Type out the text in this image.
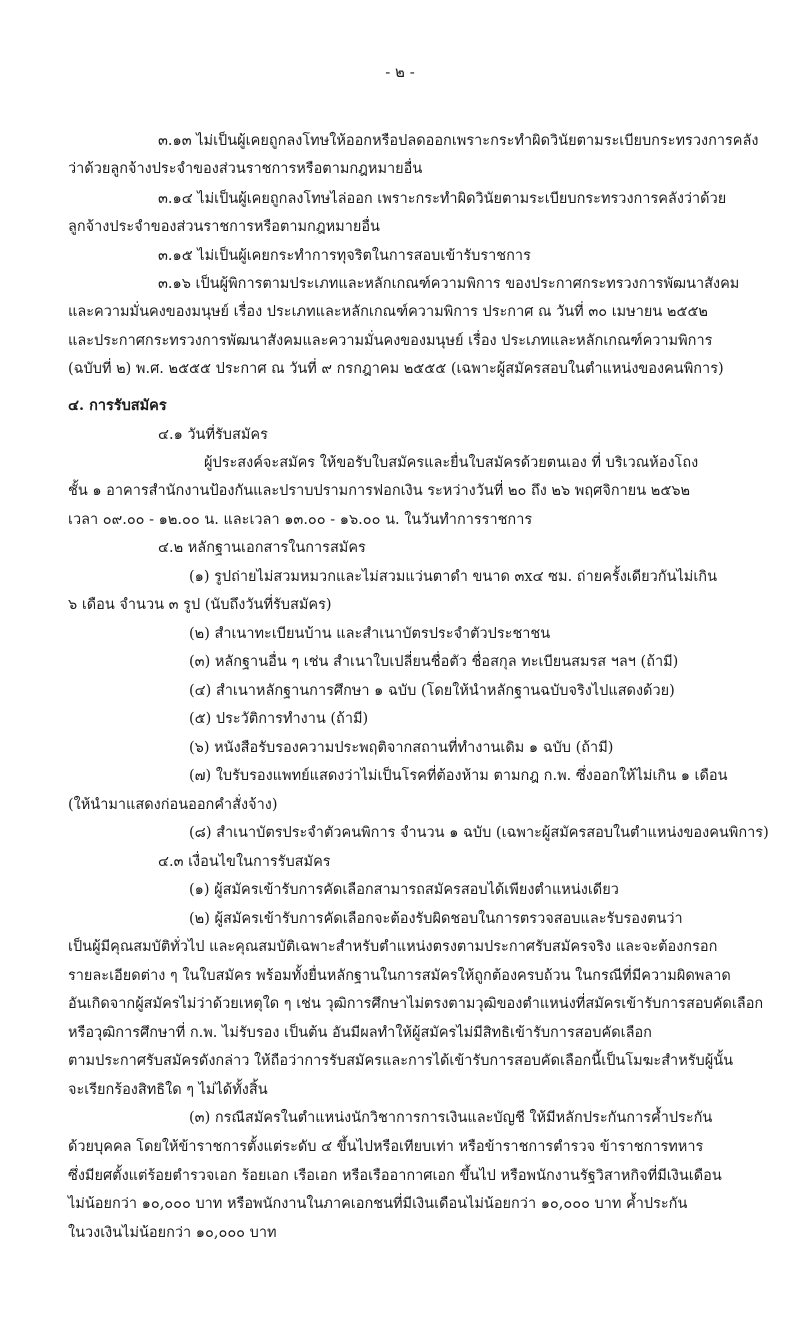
- ๒ -
๓.๑๓ ไม่เป็นผู้เคยถูกลงโทษให้ออกหรือปลดออกเพราะกระทำผิดวินัยตามระเบียบกระทรวงการคลัง
ว่าด้วยลูกจ้างประจำของส่วนราชการหรือตามกฎหมายอื่น
๓.๑๔ ไม่เป็นผู้เคยถูกลงโทษไล่ออก เพราะกระทำผิดวินัยตามระเบียบกระทรวงการคลังว่าด้วย
ลูกจ้างประจำของส่วนราชการหรือตามกฎหมายอื่น
๓.๑๕ ไม่เป็นผู้เคยกระทำการทุจริตในการสอบเข้ารับราชการ
๓.๑๖ เป็นผู้พิการตามประเภทและหลักเกณฑ์ความพิการ ของประกาศกระทรวงการพัฒนาสังคม
และความมั่นคงของมนุษย์ เรื่อง ประเภทและหลักเกณฑ์ความพิการ ประกาศ ณ วันที่ ๓๐ เมษายน ๒๕๕๒
และประกาศกระทรวงการพัฒนาสังคมและความมั่นคงของมนุษย์ เรื่อง ประเภทและหลักเกณฑ์ความพิการ
(ฉบับที่ ๒) พ.ศ. ๒๕๕๕ ประกาศ ณ วันที่ ๙ กรกฎาคม ๒๕๕๕ (เฉพาะผู้สมัครสอบในตำแหน่งของคนพิการ)
๔. การรับสมัคร
๔.๑ วันที่รับสมัคร
ผู้ประสงค์จะสมัคร ให้ขอรับใบสมัครและยื่นใบสมัครด้วยตนเอง ที่ บริเวณห้องโถง
ชั้น ๑ อาคารสำนักงานป้องกันและปราบปรามการฟอกเงิน ระหว่างวันที่ ๒๐ ถึง ๒๖ พฤศจิกายน ๒๕๖๒
เวลา ๐๙.๐๐ - ๑๒.๐๐ น. และเวลา ๑๓.๐๐ - ๑๖.๐๐ น. ในวันทำการราชการ
๔.๒ หลักฐานเอกสารในการสมัคร
(๑) รูปถ่ายไม่สวมหมวกและไม่สวมแว่นตาดำ ขนาด ๓x๔ ซม. ถ่ายครั้งเดียวกันไม่เกิน
๖ เดือน จำนวน ๓ รูป (นับถึงวันที่รับสมัคร)
(๒) สำเนาทะเบียนบ้าน และสำเนาบัตรประจำตัวประชาชน
(๓) หลักฐานอื่น ๆ เช่น สำเนาใบเปลี่ยนชื่อตัว ชื่อสกุล ทะเบียนสมรส ฯลฯ (ถ้ามี)
(๔) สำเนาหลักฐานการศึกษา ๑ ฉบับ (โดยให้นำหลักฐานฉบับจริงไปแสดงด้วย)
(๕) ประวัติการทำงาน (ถ้ามี)
(๖) หนังสือรับรองความประพฤติจากสถานที่ทำงานเดิม ๑ ฉบับ (ถ้ามี)
(๗) ใบรับรองแพทย์แสดงว่าไม่เป็นโรคที่ต้องห้าม ตามกฎ ก.พ. ซึ่งออกให้ไม่เกิน ๑ เดือน
(ให้นำมาแสดงก่อนออกคำสั่งจ้าง)
(๘) สำเนาบัตรประจำตัวคนพิการ จำนวน ๑ ฉบับ (เฉพาะผู้สมัครสอบในตำแหน่งของคนพิการ)
๔.๓ เงื่อนไขในการรับสมัคร
(๑) ผู้สมัครเข้ารับการคัดเลือกสามารถสมัครสอบได้เพียงตำแหน่งเดียว
(๒) ผู้สมัครเข้ารับการคัดเลือกจะต้องรับผิดชอบในการตรวจสอบและรับรองตนว่า
เป็นผู้มีคุณสมบัติทั่วไป และคุณสมบัติเฉพาะสำหรับตำแหน่งตรงตามประกาศรับสมัครจริง และจะต้องกรอก
รายละเอียดต่าง ๆ ในใบสมัคร พร้อมทั้งยื่นหลักฐานในการสมัครให้ถูกต้องครบถ้วน ในกรณีที่มีความผิดพลาด
อันเกิดจากผู้สมัครไม่ว่าด้วยเหตุใด ๆ เช่น วุฒิการศึกษาไม่ตรงตามวุฒิของตำแหน่งที่สมัครเข้ารับการสอบคัดเลือก
หรือวุฒิการศึกษาที่ ก.พ. ไม่รับรอง เป็นต้น อันมีผลทำให้ผู้สมัครไม่มีสิทธิเข้ารับการสอบคัดเลือก
ตามประกาศรับสมัครดังกล่าว ให้ถือว่าการรับสมัครและการได้เข้ารับการสอบคัดเลือกนี้เป็นโมฆะสำหรับผู้นั้น
จะเรียกร้องสิทธิใด ๆ ไม่ได้ทั้งสิ้น
(๓) กรณีสมัครในตำแหน่งนักวิชาการการเงินและบัญชี ให้มีหลักประกันการค้ำประกัน
ด้วยบุคคล โดยให้ข้าราชการตั้งแต่ระดับ ๔ ขึ้นไปหรือเทียบเท่า หรือข้าราชการตำรวจ ข้าราชการทหาร
ซึ่งมียศตั้งแต่ร้อยตำรวจเอก ร้อยเอก เรือเอก หรือเรืออากาศเอก ขึ้นไป หรือพนักงานรัฐวิสาหกิจที่มีเงินเดือน
ไม่น้อยกว่า ๑๐,๐๐๐ บาท หรือพนักงานในภาคเอกชนที่มีเงินเดือนไม่น้อยกว่า ๑๐,๐๐๐ บาท ค้ำประกัน
ในวงเงินไม่น้อยกว่า ๑๐,๐๐๐ บาท
